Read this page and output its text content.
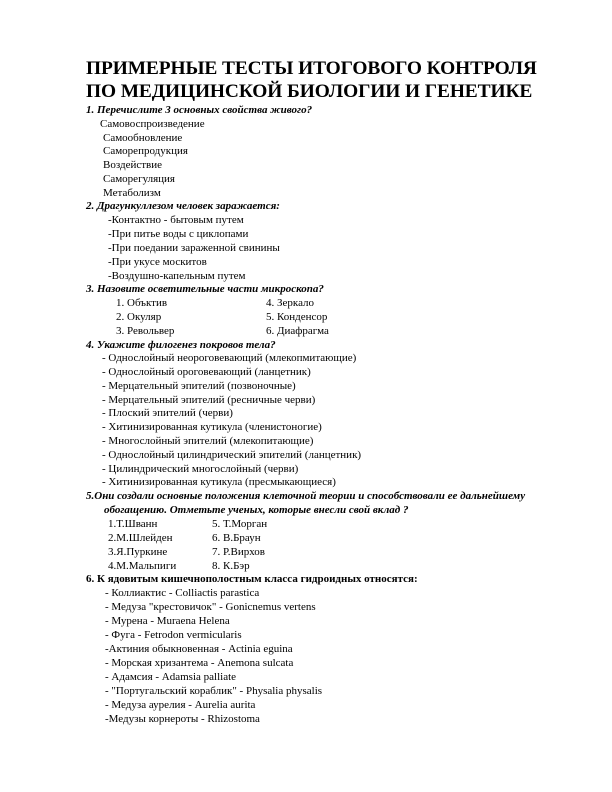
ПРИМЕРНЫЕ ТЕСТЫ ИТОГОВОГО КОНТРОЛЯ
ПО МЕДИЦИНСКОЙ БИОЛОГИИ И ГЕНЕТИКЕ
1. Перечислите 3 основных свойства живого?
Самовоспроизведение
Самообновление
Саморепродукция
Воздействие
Саморегуляция
Метаболизм
2. Драгункуллезом человек заражается:
-Контактно - бытовым путем
-При питье воды с циклопами
-При поедании зараженной свинины
-При укусе москитов
-Воздушно-капельным путем
3. Назовите осветительные части микроскопа?
1. Объктив
2. Окуляр
3. Револьвер
4. Зеркало
5. Конденсор
6. Диафрагма
4. Укажите филогенез покровов тела?
- Однослойный неороговевающий (млекопмитающие)
- Однослойный ороговевающий (ланцетник)
- Мерцательный эпителий (позвоночные)
- Мерцательный эпителий (ресничные черви)
- Плоский эпителий (черви)
- Хитинизированная кутикула (членистоногие)
- Многослойный эпителий (млекопитающие)
- Однослойный цилиндрический эпителий (ланцетник)
- Цилиндрический многослойный (черви)
- Хитинизированная кутикула (пресмыкающиеся)
5.Они создали основные положения клеточной теории и способствовали ее дальнейшему
обогащению. Отметьте ученых, которые внесли свой вклад ?
1.Т.Шванн
2.М.Шлейден
3.Я.Пуркине
4.М.Мальпиги
5. Т.Морган
6. В.Браун
7. Р.Вирхов
8. К.Бэр
6. К ядовитым кишечнополостным класса гидроидных относятся:
- Коллиактис - Colliactis parastica
- Медуза "крестовичок" - Gonicnemus vertens
- Мурена - Muraena Helena
- Фуга - Fetrodon vermicularis
-Актиния обыкновенная - Actinia eguina
- Морская хризантема - Anemona sulcata
- Адамсия - Adamsia palliate
- "Португальский кораблик" - Physalia physalis
- Медуза аурелия - Aurelia aurita
-Медузы корнероты - Rhizostoma
